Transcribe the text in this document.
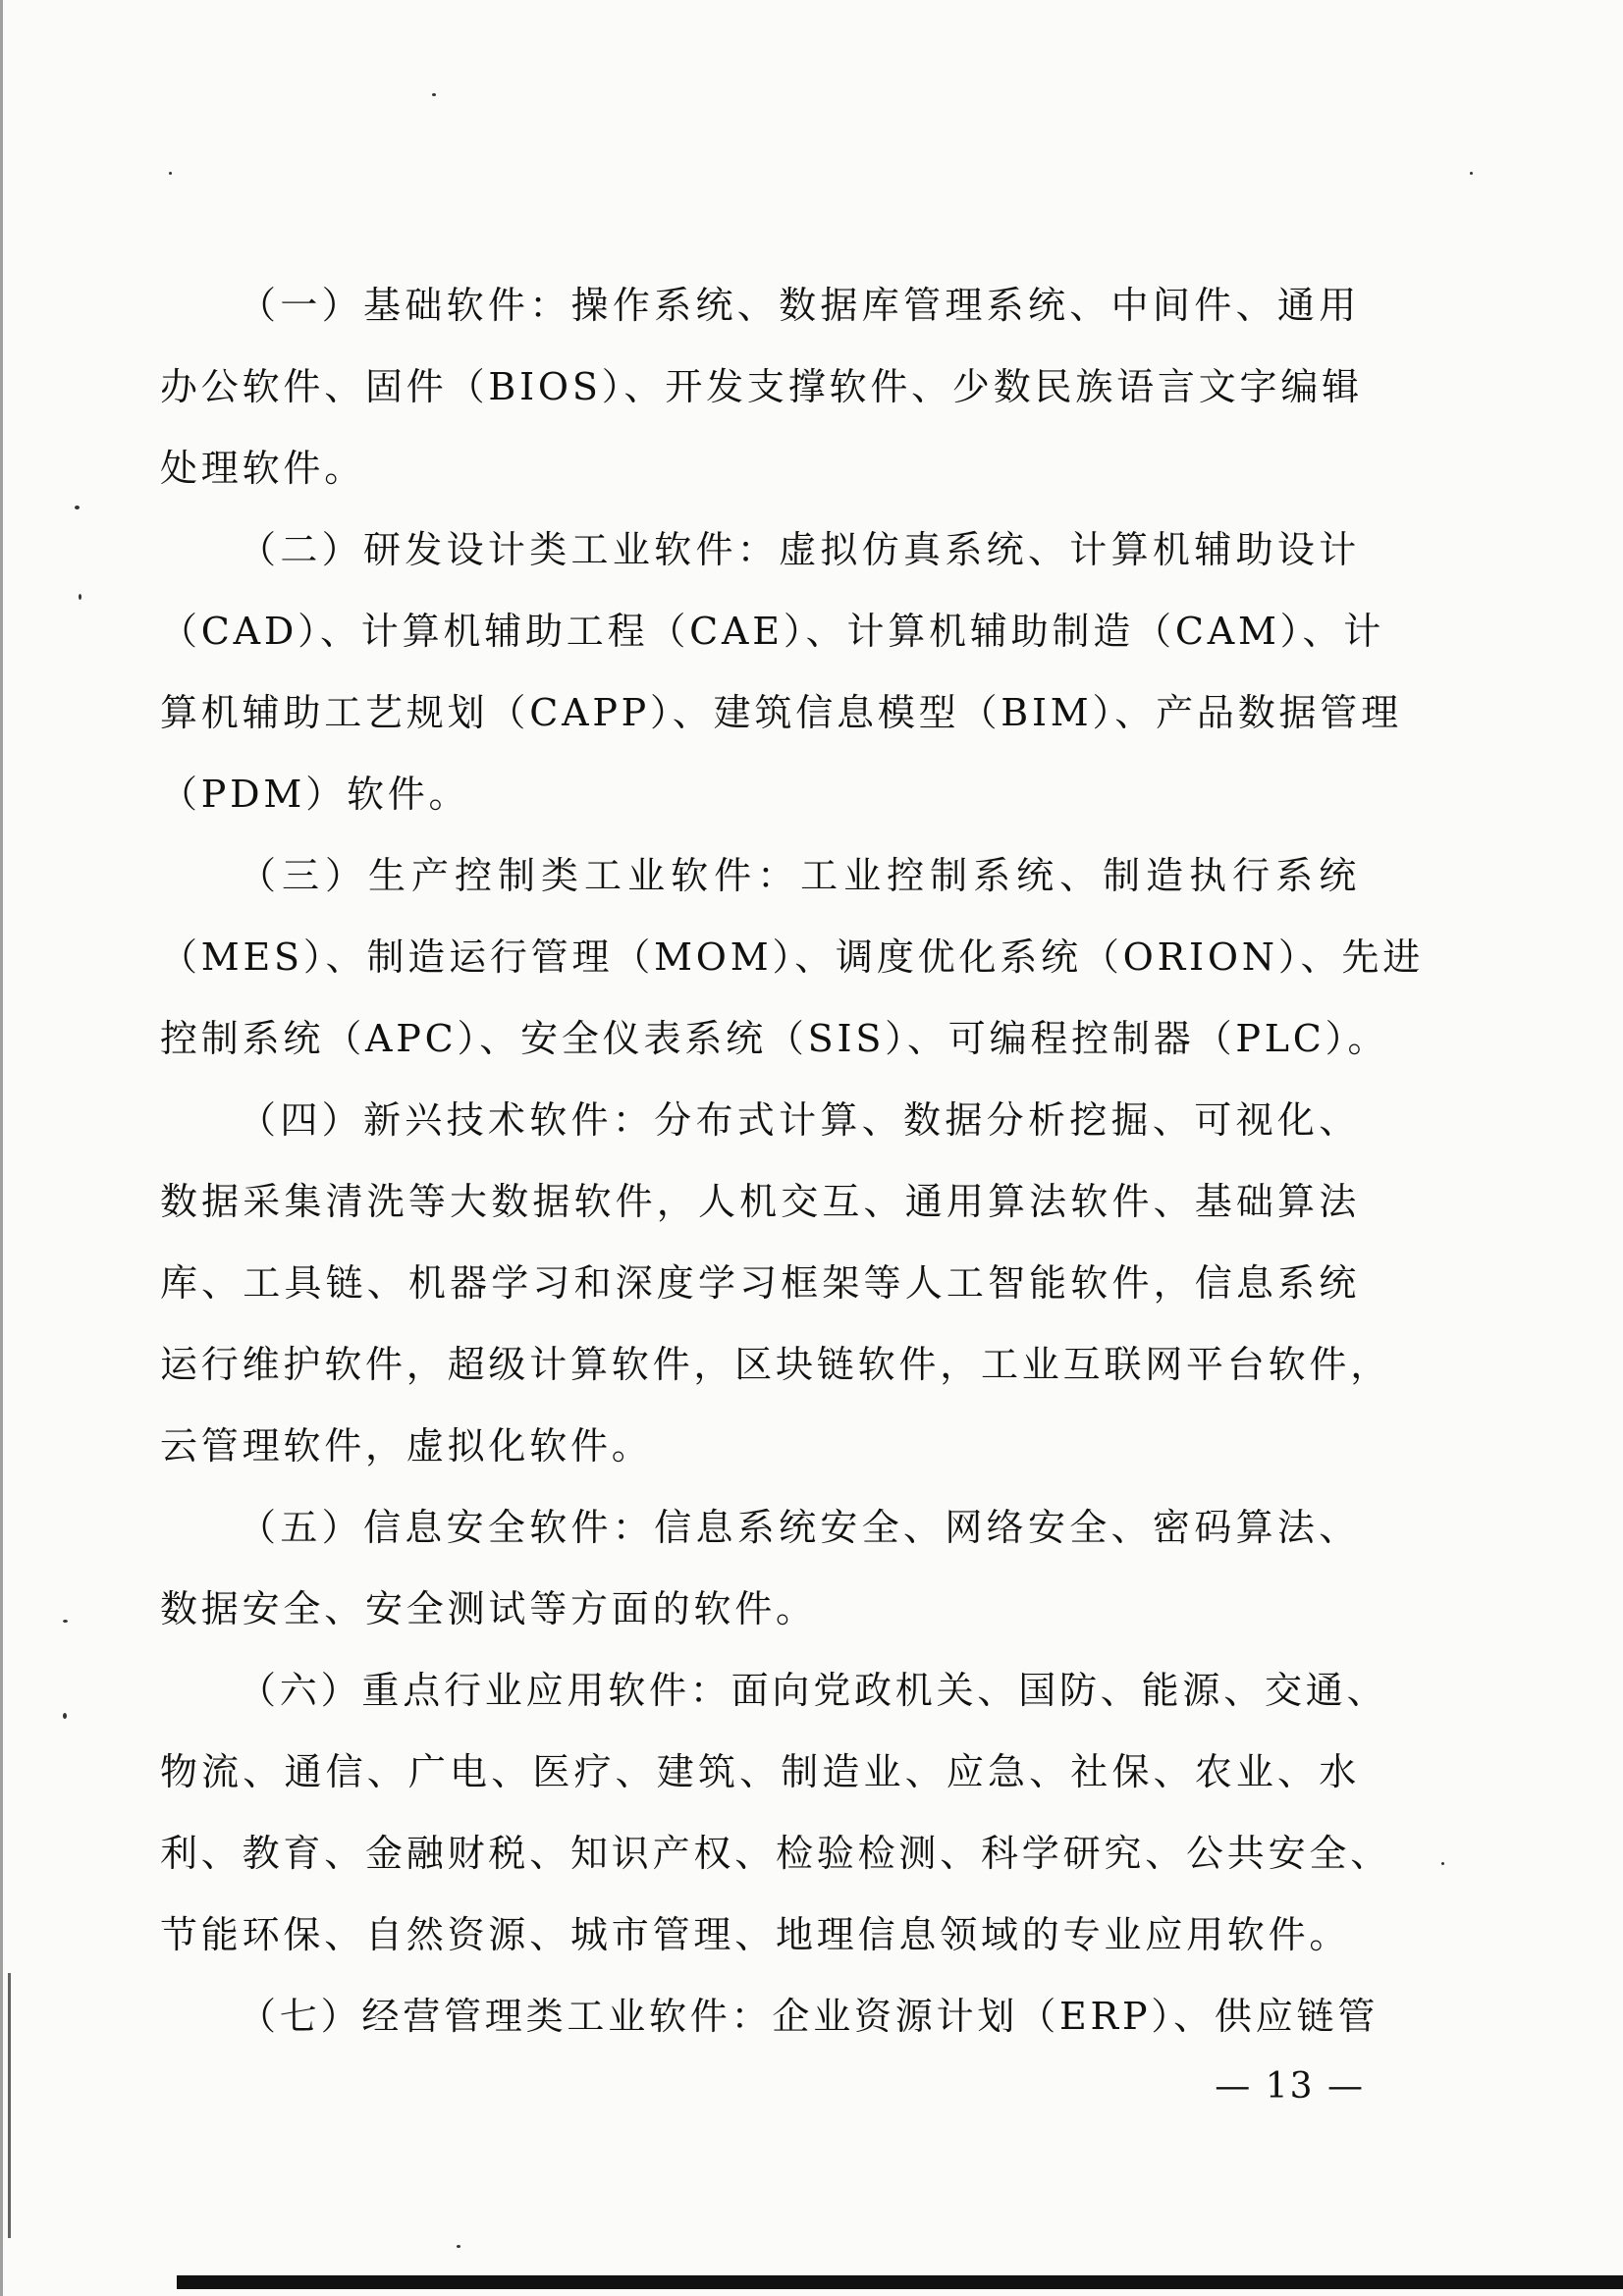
（一）基础软件：操作系统、数据库管理系统、中间件、通用
办公软件、固件（BIOS）、开发支撑软件、少数民族语言文字编辑
处理软件。
（二）研发设计类工业软件：虚拟仿真系统、计算机辅助设计
（CAD）、计算机辅助工程（CAE）、计算机辅助制造（CAM）、计
算机辅助工艺规划（CAPP）、建筑信息模型（BIM）、产品数据管理
（PDM）软件。
（三）生产控制类工业软件：工业控制系统、制造执行系统
（MES）、制造运行管理（MOM）、调度优化系统（ORION）、先进
控制系统（APC）、安全仪表系统（SIS）、可编程控制器（PLC）。
（四）新兴技术软件：分布式计算、数据分析挖掘、可视化、
数据采集清洗等大数据软件，人机交互、通用算法软件、基础算法
库、工具链、机器学习和深度学习框架等人工智能软件，信息系统
运行维护软件，超级计算软件，区块链软件，工业互联网平台软件，
云管理软件，虚拟化软件。
（五）信息安全软件：信息系统安全、网络安全、密码算法、
数据安全、安全测试等方面的软件。
（六）重点行业应用软件：面向党政机关、国防、能源、交通、
物流、通信、广电、医疗、建筑、制造业、应急、社保、农业、水
利、教育、金融财税、知识产权、检验检测、科学研究、公共安全、
节能环保、自然资源、城市管理、地理信息领域的专业应用软件。
（七）经营管理类工业软件：企业资源计划（ERP）、供应链管
— 13 —
